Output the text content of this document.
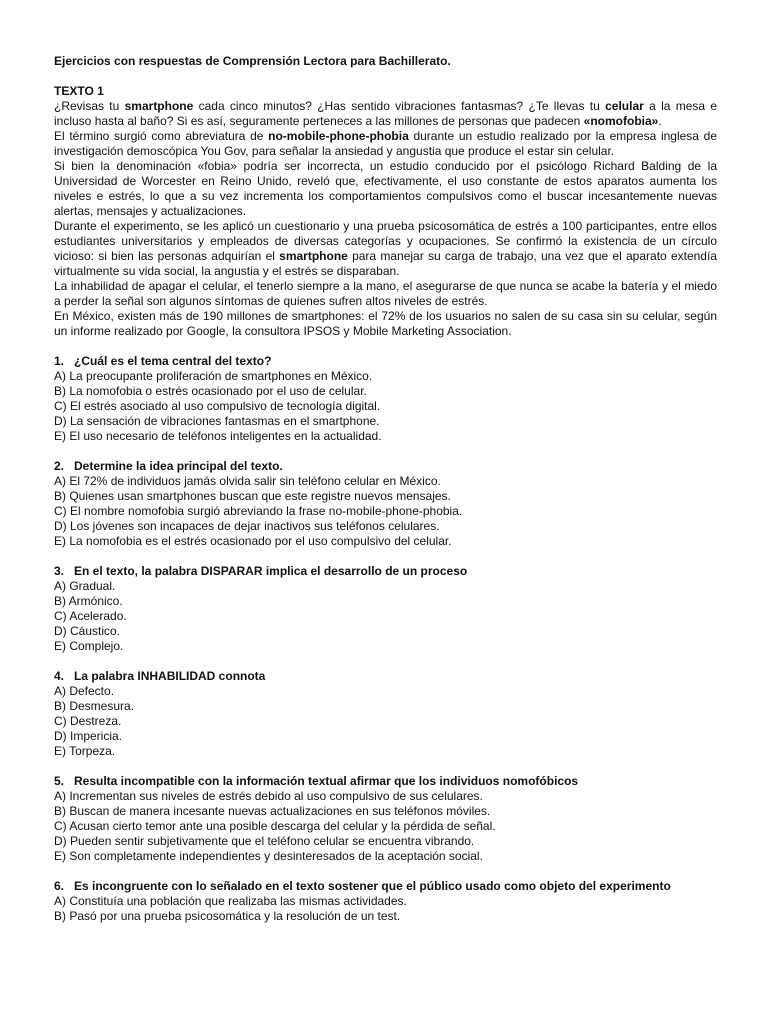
Ejercicios con respuestas de Comprensión Lectora para Bachillerato.

TEXTO 1

¿Revisas tu smartphone cada cinco minutos? ¿Has sentido vibraciones fantasmas? ¿Te llevas tu celular a la mesa e incluso hasta al baño? Si es así, seguramente perteneces a las millones de personas que padecen «nomofobia».

El término surgió como abreviatura de no-mobile-phone-phobia durante un estudio realizado por la empresa inglesa de investigación demoscópica You Gov, para señalar la ansiedad y angustia que produce el estar sin celular.

Si bien la denominación «fobia» podría ser incorrecta, un estudio conducido por el psicólogo Richard Balding de la Universidad de Worcester en Reino Unido, reveló que, efectivamente, el uso constante de estos aparatos aumenta los niveles e estrés, lo que a su vez incrementa los comportamientos compulsivos como el buscar incesantemente nuevas alertas, mensajes y actualizaciones.

Durante el experimento, se les aplicó un cuestionario y una prueba psicosomática de estrés a 100 participantes, entre ellos estudiantes universitarios y empleados de diversas categorías y ocupaciones. Se confirmó la existencia de un círculo vicioso: si bien las personas adquirían el smartphone para manejar su carga de trabajo, una vez que el aparato extendía virtualmente su vida social, la angustia y el estrés se disparaban.

La inhabilidad de apagar el celular, el tenerlo siempre a la mano, el asegurarse de que nunca se acabe la batería y el miedo a perder la señal son algunos síntomas de quienes sufren altos niveles de estrés.

En México, existen más de 190 millones de smartphones: el 72% de los usuarios no salen de su casa sin su celular, según un informe realizado por Google, la consultora IPSOS y Mobile Marketing Association.

1. ¿Cuál es el tema central del texto?

A) La preocupante proliferación de smartphones en México.

B) La nomofobia o estrés ocasionado por el uso de celular.

C) El estrés asociado al uso compulsivo de tecnología digital.

D) La sensación de vibraciones fantasmas en el smartphone.

E) El uso necesario de teléfonos inteligentes en la actualidad.

2. Determine la idea principal del texto.

A) El 72% de individuos jamás olvida salir sin teléfono celular en México.

B) Quienes usan smartphones buscan que este registre nuevos mensajes.

C) El nombre nomofobia surgió abreviando la frase no-mobile-phone-phobia.

D) Los jóvenes son incapaces de dejar inactivos sus teléfonos celulares.

E) La nomofobia es el estrés ocasionado por el uso compulsivo del celular.

3. En el texto, la palabra DISPARAR implica el desarrollo de un proceso

A) Gradual.

B) Armónico.

C) Acelerado.

D) Cáustico.

E) Complejo.

4. La palabra INHABILIDAD connota

A) Defecto.

B) Desmesura.

C) Destreza.

D) Impericia.

E) Torpeza.

5. Resulta incompatible con la información textual afirmar que los individuos nomofóbicos

A) Incrementan sus niveles de estrés debido al uso compulsivo de sus celulares.

B) Buscan de manera incesante nuevas actualizaciones en sus teléfonos móviles.

C) Acusan cierto temor ante una posible descarga del celular y la pérdida de señal.

D) Pueden sentir subjetivamente que el teléfono celular se encuentra vibrando.

E) Son completamente independientes y desinteresados de la aceptación social.

6. Es incongruente con lo señalado en el texto sostener que el público usado como objeto del experimento

A) Constituía una población que realizaba las mismas actividades.

B) Pasó por una prueba psicosomática y la resolución de un test.
